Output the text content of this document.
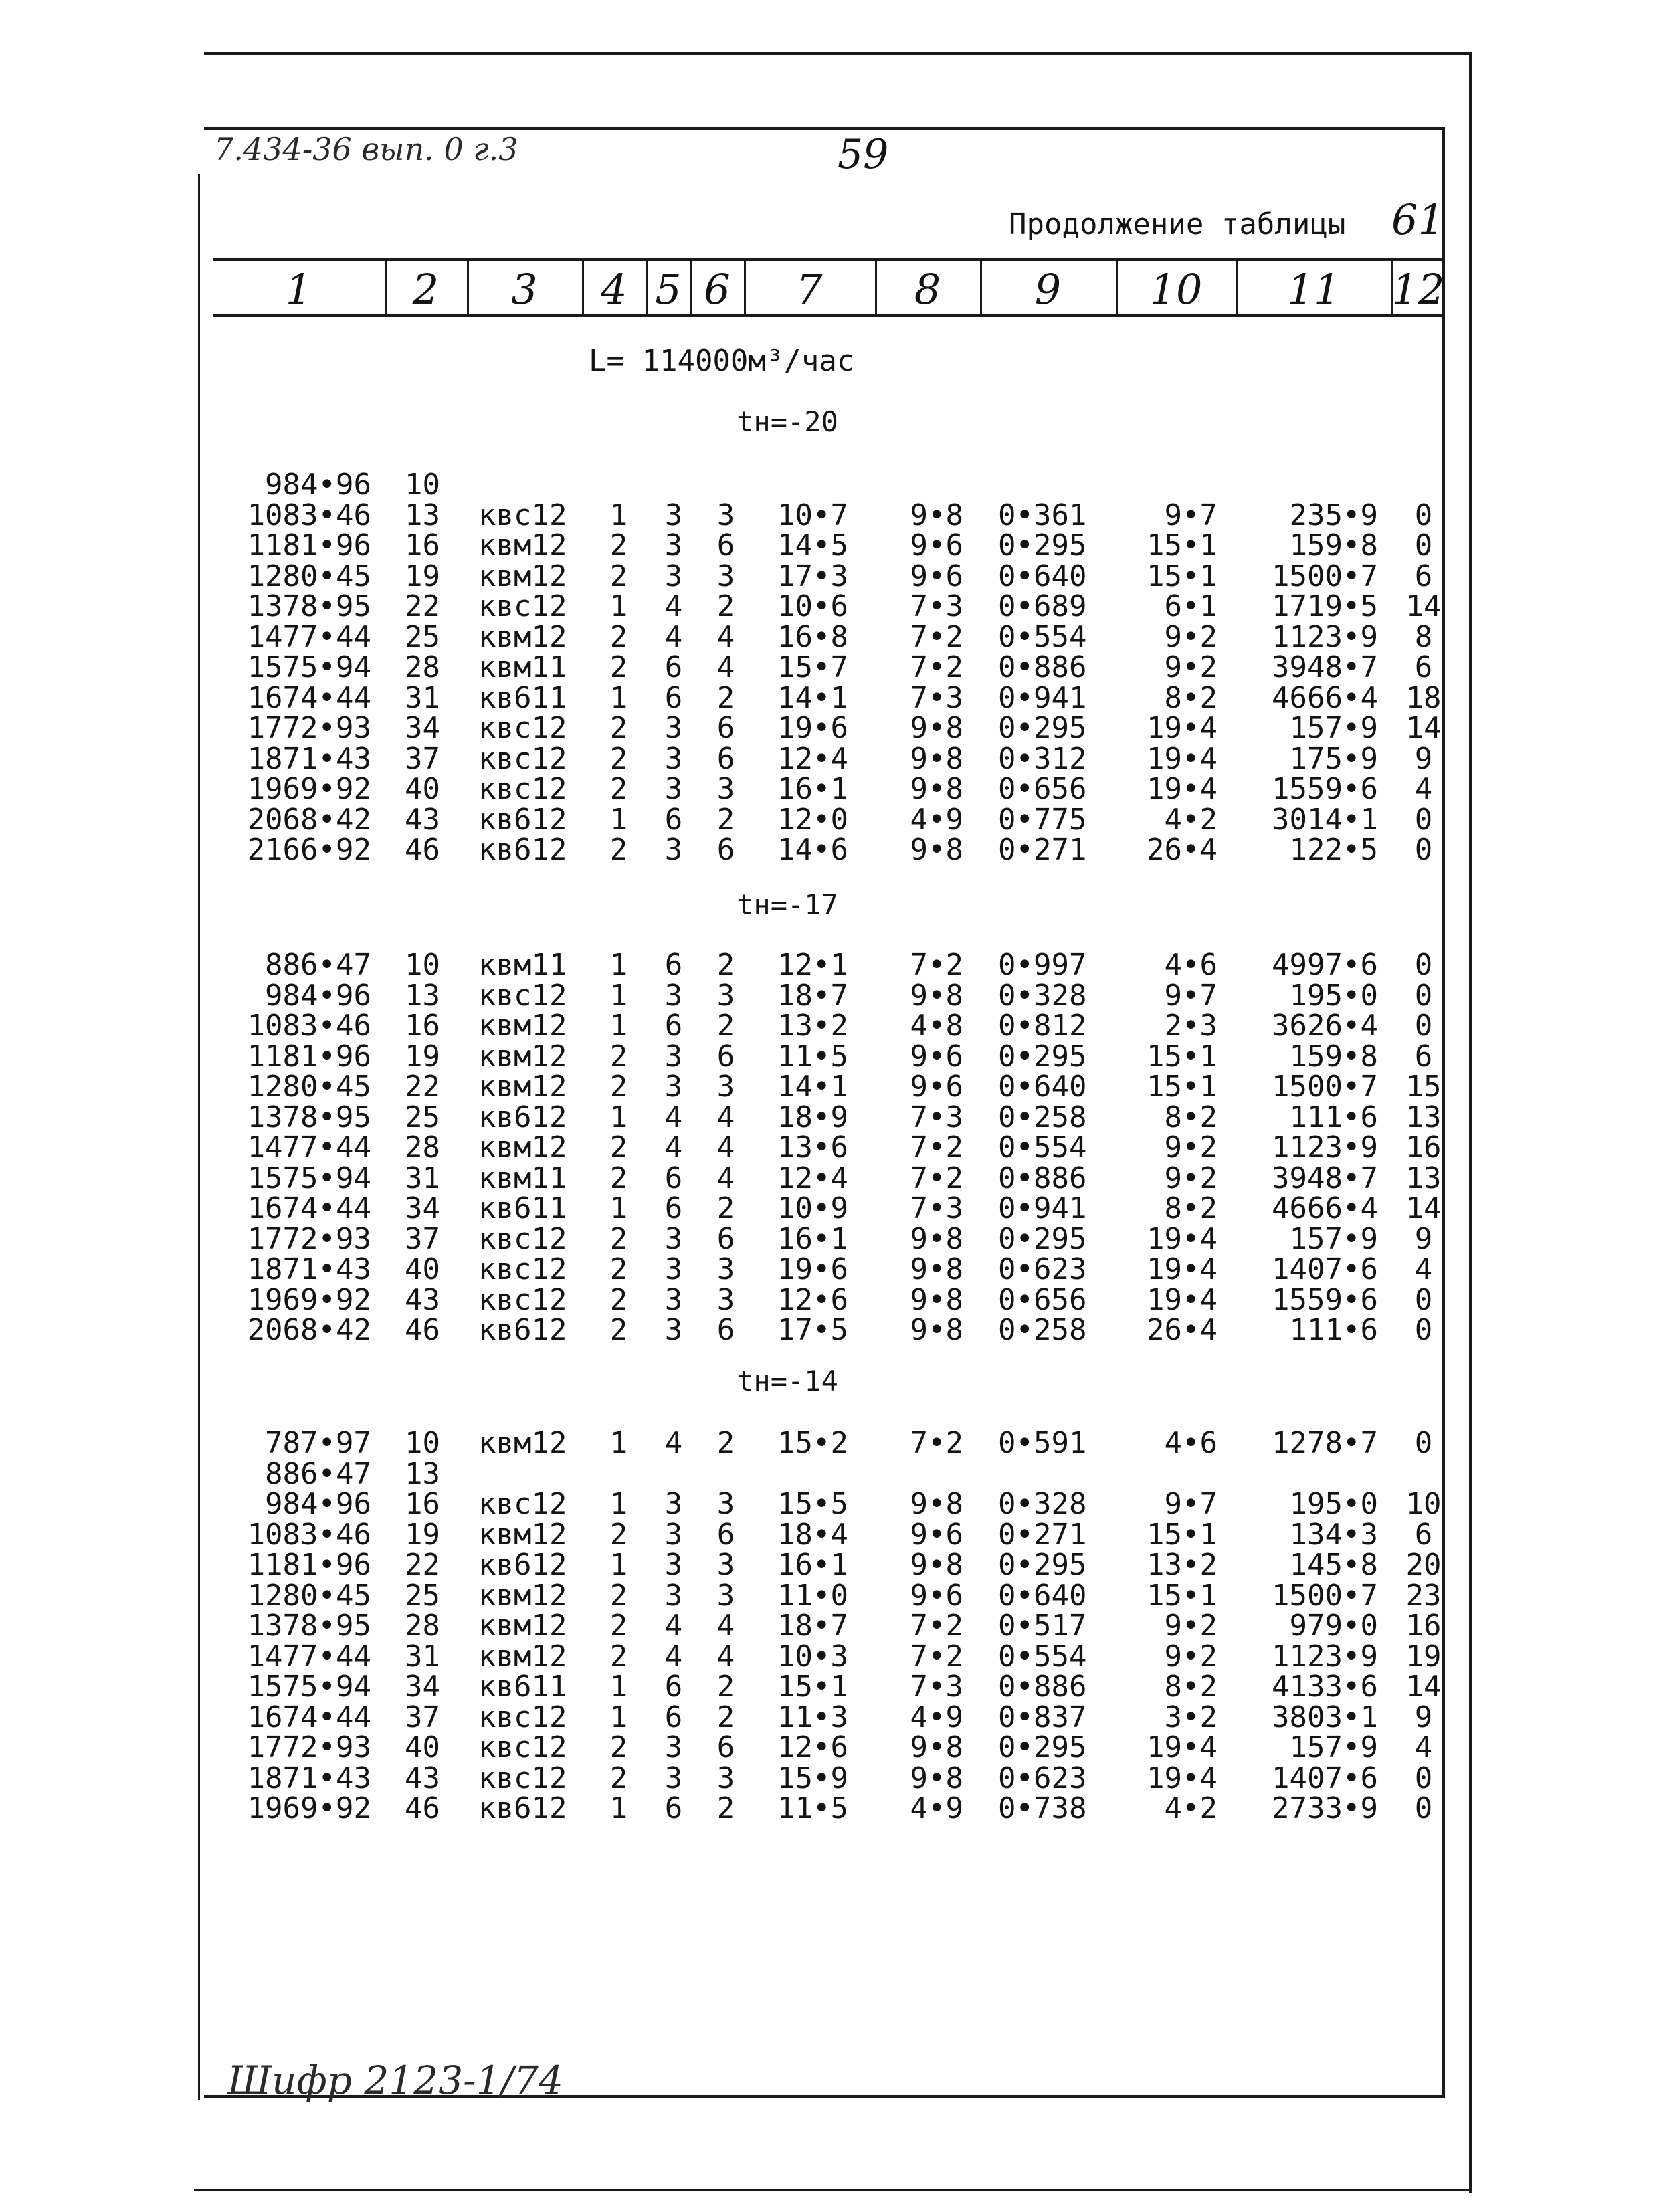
7.434-36 вып. 0 г.3	59
Продолжение таблицы 61
1	2	3	4 5 6	7	8	9	10	11	12
L= 114000м³/час
tн=-20
984•96 10
1083•46 13	квс12	1 3 3 10•7	9•8 0•361	9•7	235•9	0
1181•96 16	квм12	2 3 6 14•5	9•6 0•295	15•1	159•8	0
1280•45 19	квм12	2 3 3 17•3	9•6 0•640	15•1	1500•7	6
1378•95 22	квс12	1 4 2 10•6	7•3 0•689	6•1	1719•5 14
1477•44 25	квм12	2 4 4 16•8	7•2 0•554	9•2	1123•9	8
1575•94 28	квм11	2 6 4 15•7	7•2 0•886	9•2	3948•7	6
1674•44 31	кв611	1 6 2 14•1	7•3 0•941	8•2	4666•4 18
1772•93 34	квс12	2 3 6 19•6	9•8 0•295	19•4	157•9 14
1871•43 37	квс12	2 3 6 12•4	9•8 0•312	19•4	175•9	9
1969•92 40	квс12	2 3 3 16•1	9•8 0•656	19•4	1559•6	4
2068•42 43	кв612	1 6 2 12•0	4•9 0•775	4•2	3014•1	0
2166•92 46	кв612	2 3 6 14•6	9•8 0•271	26•4	122•5	0
tн=-17
886•47 10	квм11	1 6 2 12•1	7•2 0•997	4•6	4997•6	0
984•96 13	квс12	1 3 3 18•7	9•8 0•328	9•7	195•0	0
1083•46 16	квм12	1 6 2 13•2	4•8 0•812	2•3	3626•4	0
1181•96 19	квм12	2 3 6 11•5	9•6 0•295	15•1	159•8	6
1280•45 22	квм12	2 3 3 14•1	9•6 0•640	15•1	1500•7 15
1378•95 25	кв612	1 4 4 18•9	7•3 0•258	8•2	111•6 13
1477•44 28	квм12	2 4 4 13•6	7•2 0•554	9•2	1123•9 16
1575•94 31	квм11	2 6 4 12•4	7•2 0•886	9•2	3948•7 13
1674•44 34	кв611	1 6 2 10•9	7•3 0•941	8•2	4666•4 14
1772•93 37	квс12	2 3 6 16•1	9•8 0•295	19•4	157•9	9
1871•43 40	квс12	2 3 3 19•6	9•8 0•623	19•4	1407•6	4
1969•92 43	квс12	2 3 3 12•6	9•8 0•656	19•4	1559•6	0
2068•42 46	кв612	2 3 6 17•5	9•8 0•258	26•4	111•6	0
tн=-14
787•97 10	квм12	1 4 2 15•2	7•2 0•591	4•6	1278•7	0
886•47 13
984•96 16	квс12	1 3 3 15•5	9•8 0•328	9•7	195•0 10
1083•46 19	квм12	2 3 6 18•4	9•6 0•271	15•1	134•3	6
1181•96 22	кв612	1 3 3 16•1	9•8 0•295	13•2	145•8 20
1280•45 25	квм12	2 3 3 11•0	9•6 0•640	15•1	1500•7 23
1378•95 28	квм12	2 4 4 18•7	7•2 0•517	9•2	979•0 16
1477•44 31	квм12	2 4 4 10•3	7•2 0•554	9•2	1123•9 19
1575•94 34	кв611	1 6 2 15•1	7•3 0•886	8•2	4133•6 14
1674•44 37	квс12	1 6 2 11•3	4•9 0•837	3•2	3803•1	9
1772•93 40	квс12	2 3 6 12•6	9•8 0•295	19•4	157•9	4
1871•43 43	квс12	2 3 3 15•9	9•8 0•623	19•4	1407•6	0
1969•92 46	кв612	1 6 2 11•5	4•9 0•738	4•2	2733•9	0
Шифр 2123-1/74
